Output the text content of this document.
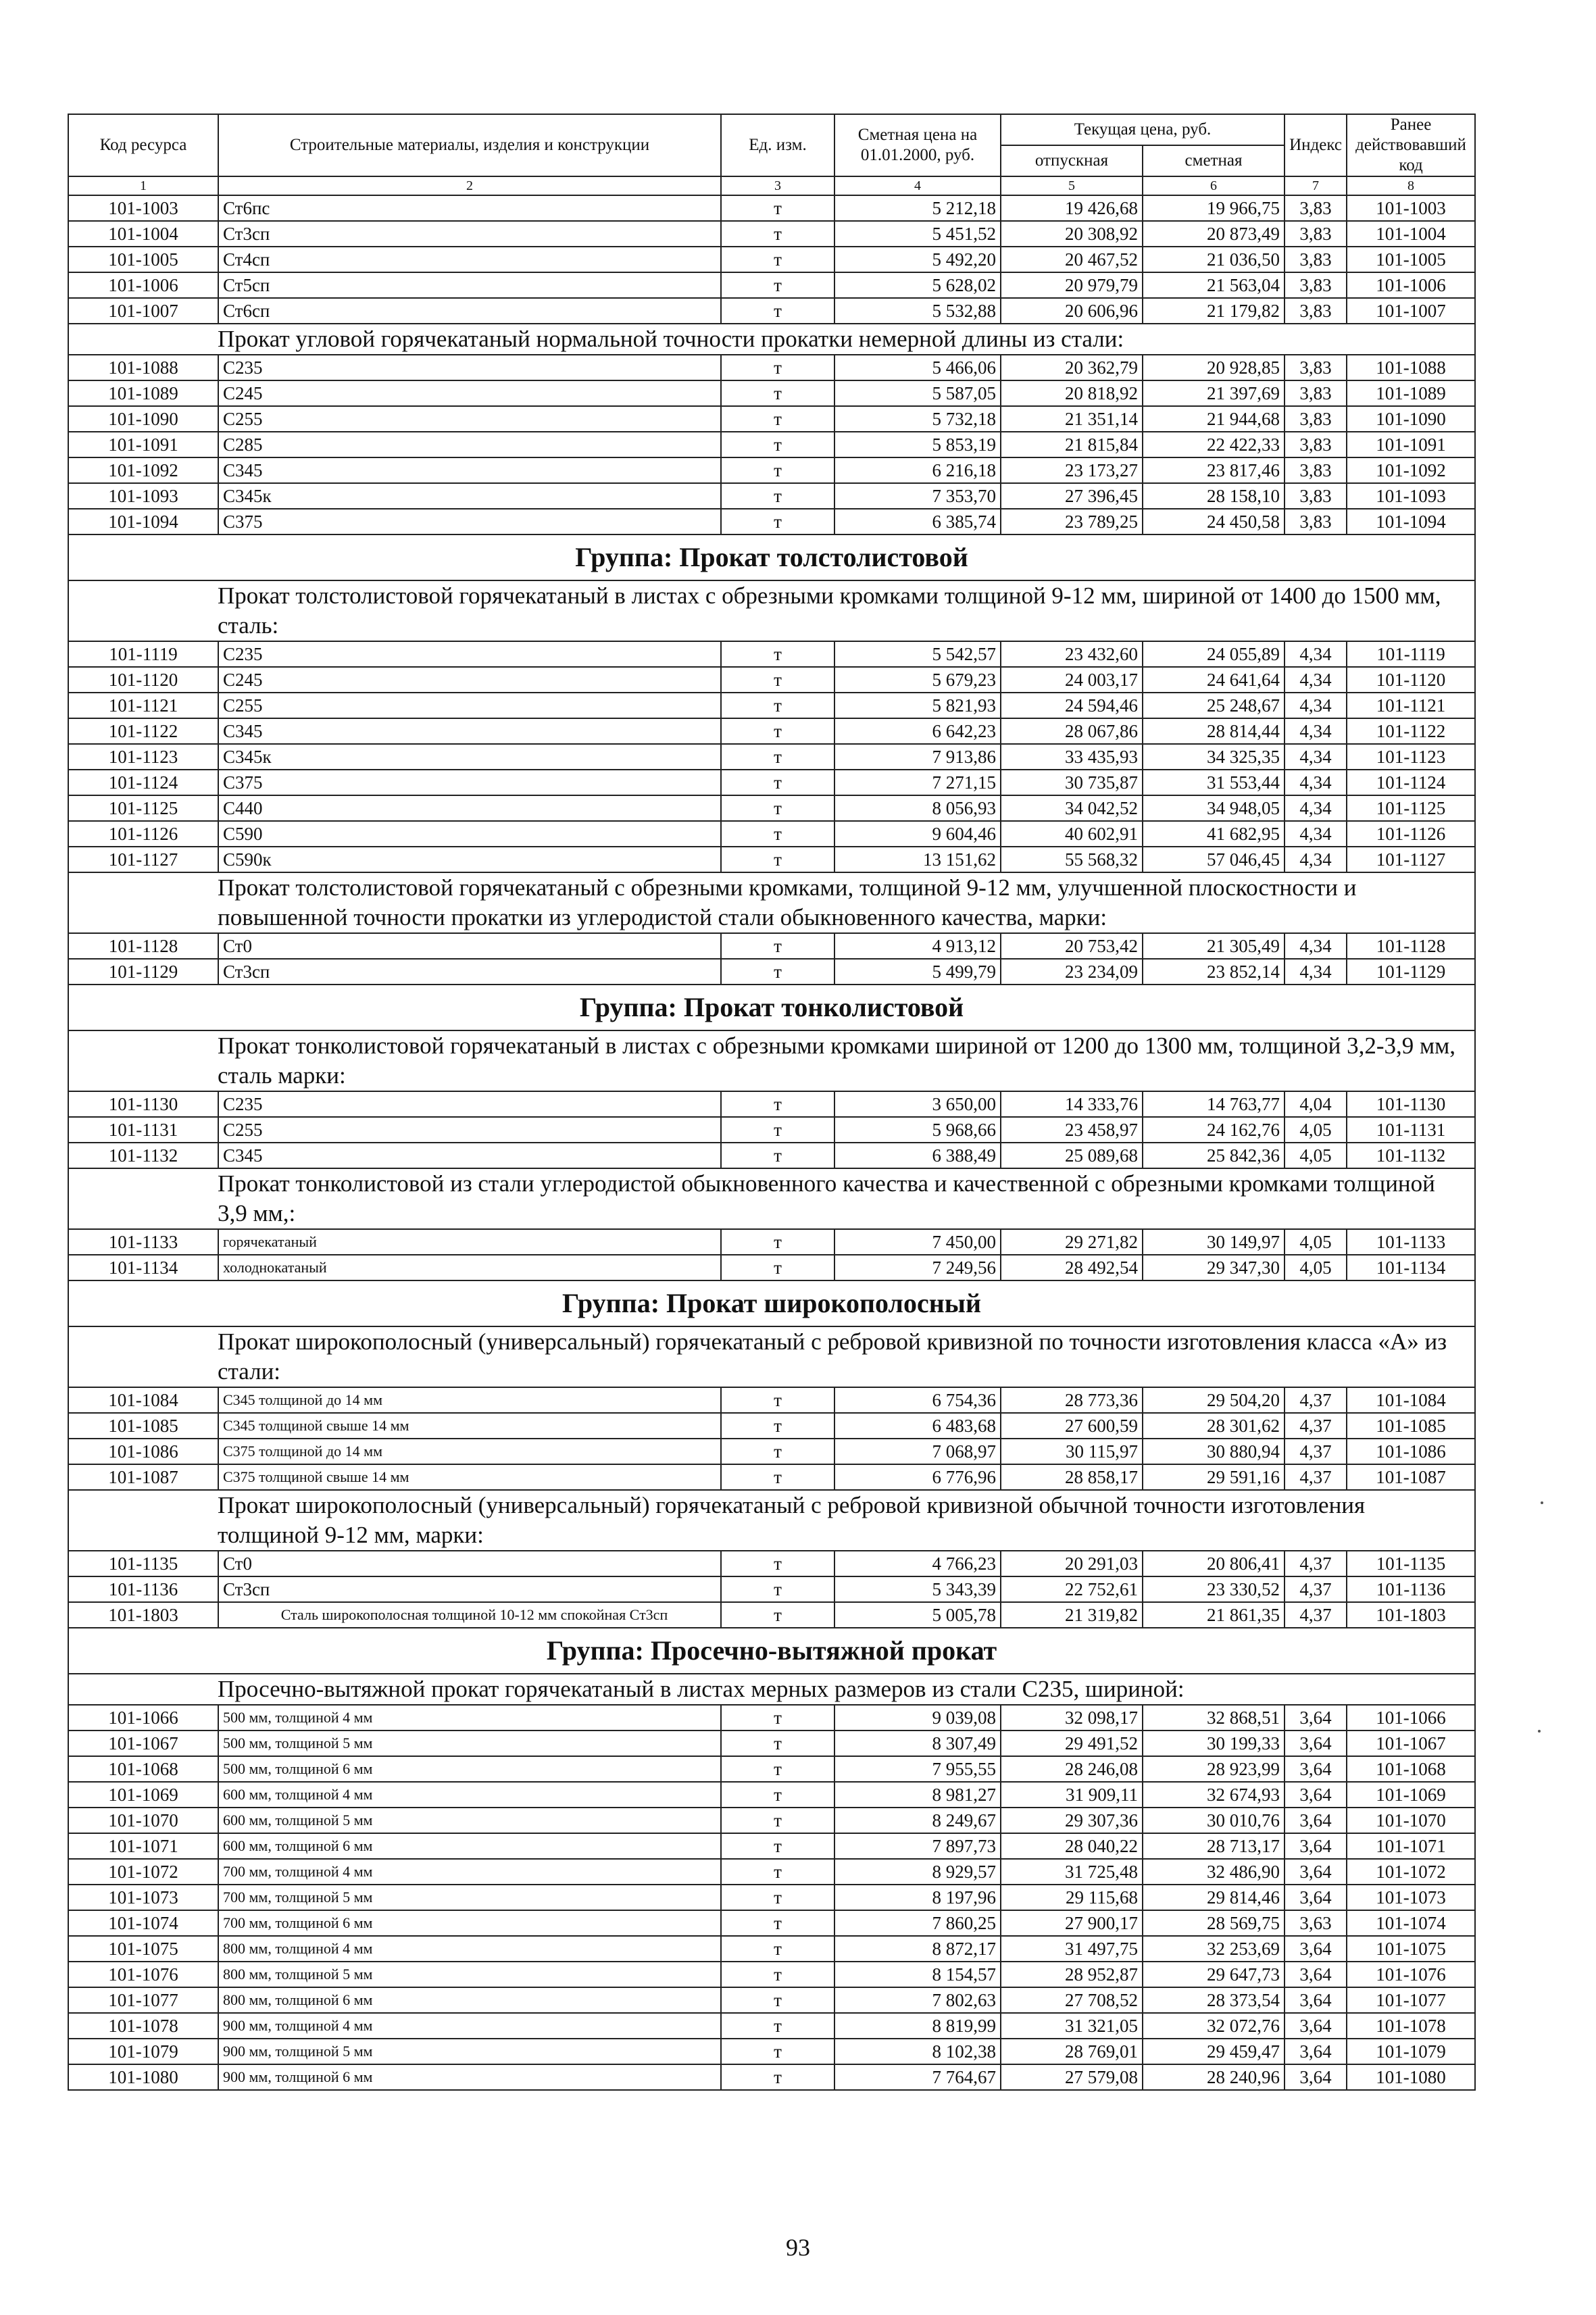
Код ресурса	Строительные материалы, изделия и конструкции	Ед. изм.	Сметная цена на 01.01.2000, руб.	Текущая цена, руб.		Индекс	Ранее действовавший код
				отпускная	сметная		
1	2	3	4	5	6	7	8
101-1003	Ст6пс	т	5 212,18	19 426,68	19 966,75	3,83	101-1003
101-1004	Ст3сп	т	5 451,52	20 308,92	20 873,49	3,83	101-1004
101-1005	Ст4сп	т	5 492,20	20 467,52	21 036,50	3,83	101-1005
101-1006	Ст5сп	т	5 628,02	20 979,79	21 563,04	3,83	101-1006
101-1007	Ст6сп	т	5 532,88	20 606,96	21 179,82	3,83	101-1007
Прокат угловой горячекатаный нормальной точности прокатки немерной длины из стали:							
101-1088	С235	т	5 466,06	20 362,79	20 928,85	3,83	101-1088
101-1089	С245	т	5 587,05	20 818,92	21 397,69	3,83	101-1089
101-1090	С255	т	5 732,18	21 351,14	21 944,68	3,83	101-1090
101-1091	С285	т	5 853,19	21 815,84	22 422,33	3,83	101-1091
101-1092	С345	т	6 216,18	23 173,27	23 817,46	3,83	101-1092
101-1093	С345к	т	7 353,70	27 396,45	28 158,10	3,83	101-1093
101-1094	С375	т	6 385,74	23 789,25	24 450,58	3,83	101-1094
Группа: Прокат толстолистовой							
Прокат толстолистовой горячекатаный в листах с обрезными кромками толщиной 9-12 мм, шириной от 1400 до 1500 мм, сталь:							
101-1119	С235	т	5 542,57	23 432,60	24 055,89	4,34	101-1119
101-1120	С245	т	5 679,23	24 003,17	24 641,64	4,34	101-1120
101-1121	С255	т	5 821,93	24 594,46	25 248,67	4,34	101-1121
101-1122	С345	т	6 642,23	28 067,86	28 814,44	4,34	101-1122
101-1123	С345к	т	7 913,86	33 435,93	34 325,35	4,34	101-1123
101-1124	С375	т	7 271,15	30 735,87	31 553,44	4,34	101-1124
101-1125	С440	т	8 056,93	34 042,52	34 948,05	4,34	101-1125
101-1126	С590	т	9 604,46	40 602,91	41 682,95	4,34	101-1126
101-1127	С590к	т	13 151,62	55 568,32	57 046,45	4,34	101-1127
Прокат толстолистовой горячекатаный с обрезными кромками, толщиной 9-12 мм, улучшенной плоскостности и повышенной точности прокатки из углеродистой стали обыкновенного качества, марки:							
101-1128	Ст0	т	4 913,12	20 753,42	21 305,49	4,34	101-1128
101-1129	Ст3сп	т	5 499,79	23 234,09	23 852,14	4,34	101-1129
Группа: Прокат тонколистовой							
Прокат тонколистовой горячекатаный в листах с обрезными кромками шириной от 1200 до 1300 мм, толщиной 3,2-3,9 мм, сталь марки:							
101-1130	С235	т	3 650,00	14 333,76	14 763,77	4,04	101-1130
101-1131	С255	т	5 968,66	23 458,97	24 162,76	4,05	101-1131
101-1132	С345	т	6 388,49	25 089,68	25 842,36	4,05	101-1132
Прокат тонколистовой из стали углеродистой обыкновенного качества и качественной с обрезными кромками толщиной 3,9 мм,:							
101-1133	горячекатаный	т	7 450,00	29 271,82	30 149,97	4,05	101-1133
101-1134	холоднокатаный	т	7 249,56	28 492,54	29 347,30	4,05	101-1134
Группа: Прокат широкополосный							
Прокат широкополосный (универсальный) горячекатаный с ребровой кривизной по точности изготовления класса «А» из стали:							
101-1084	С345 толщиной до 14 мм	т	6 754,36	28 773,36	29 504,20	4,37	101-1084
101-1085	С345 толщиной свыше 14 мм	т	6 483,68	27 600,59	28 301,62	4,37	101-1085
101-1086	С375 толщиной до 14 мм	т	7 068,97	30 115,97	30 880,94	4,37	101-1086
101-1087	С375 толщиной свыше 14 мм	т	6 776,96	28 858,17	29 591,16	4,37	101-1087
Прокат широкополосный (универсальный) горячекатаный с ребровой кривизной обычной точности изготовления толщиной 9-12 мм, марки:							
101-1135	Ст0	т	4 766,23	20 291,03	20 806,41	4,37	101-1135
101-1136	Ст3сп	т	5 343,39	22 752,61	23 330,52	4,37	101-1136
101-1803	Сталь широкополосная толщиной 10-12 мм спокойная Ст3сп	т	5 005,78	21 319,82	21 861,35	4,37	101-1803
Группа: Просечно-вытяжной прокат							
Просечно-вытяжной прокат горячекатаный в листах мерных размеров из стали С235, шириной:							
101-1066	500 мм, толщиной 4 мм	т	9 039,08	32 098,17	32 868,51	3,64	101-1066
101-1067	500 мм, толщиной 5 мм	т	8 307,49	29 491,52	30 199,33	3,64	101-1067
101-1068	500 мм, толщиной 6 мм	т	7 955,55	28 246,08	28 923,99	3,64	101-1068
101-1069	600 мм, толщиной 4 мм	т	8 981,27	31 909,11	32 674,93	3,64	101-1069
101-1070	600 мм, толщиной 5 мм	т	8 249,67	29 307,36	30 010,76	3,64	101-1070
101-1071	600 мм, толщиной 6 мм	т	7 897,73	28 040,22	28 713,17	3,64	101-1071
101-1072	700 мм, толщиной 4 мм	т	8 929,57	31 725,48	32 486,90	3,64	101-1072
101-1073	700 мм, толщиной 5 мм	т	8 197,96	29 115,68	29 814,46	3,64	101-1073
101-1074	700 мм, толщиной 6 мм	т	7 860,25	27 900,17	28 569,75	3,63	101-1074
101-1075	800 мм, толщиной 4 мм	т	8 872,17	31 497,75	32 253,69	3,64	101-1075
101-1076	800 мм, толщиной 5 мм	т	8 154,57	28 952,87	29 647,73	3,64	101-1076
101-1077	800 мм, толщиной 6 мм	т	7 802,63	27 708,52	28 373,54	3,64	101-1077
101-1078	900 мм, толщиной 4 мм	т	8 819,99	31 321,05	32 072,76	3,64	101-1078
101-1079	900 мм, толщиной 5 мм	т	8 102,38	28 769,01	29 459,47	3,64	101-1079
101-1080	900 мм, толщиной 6 мм	т	7 764,67	27 579,08	28 240,96	3,64	101-1080
93
